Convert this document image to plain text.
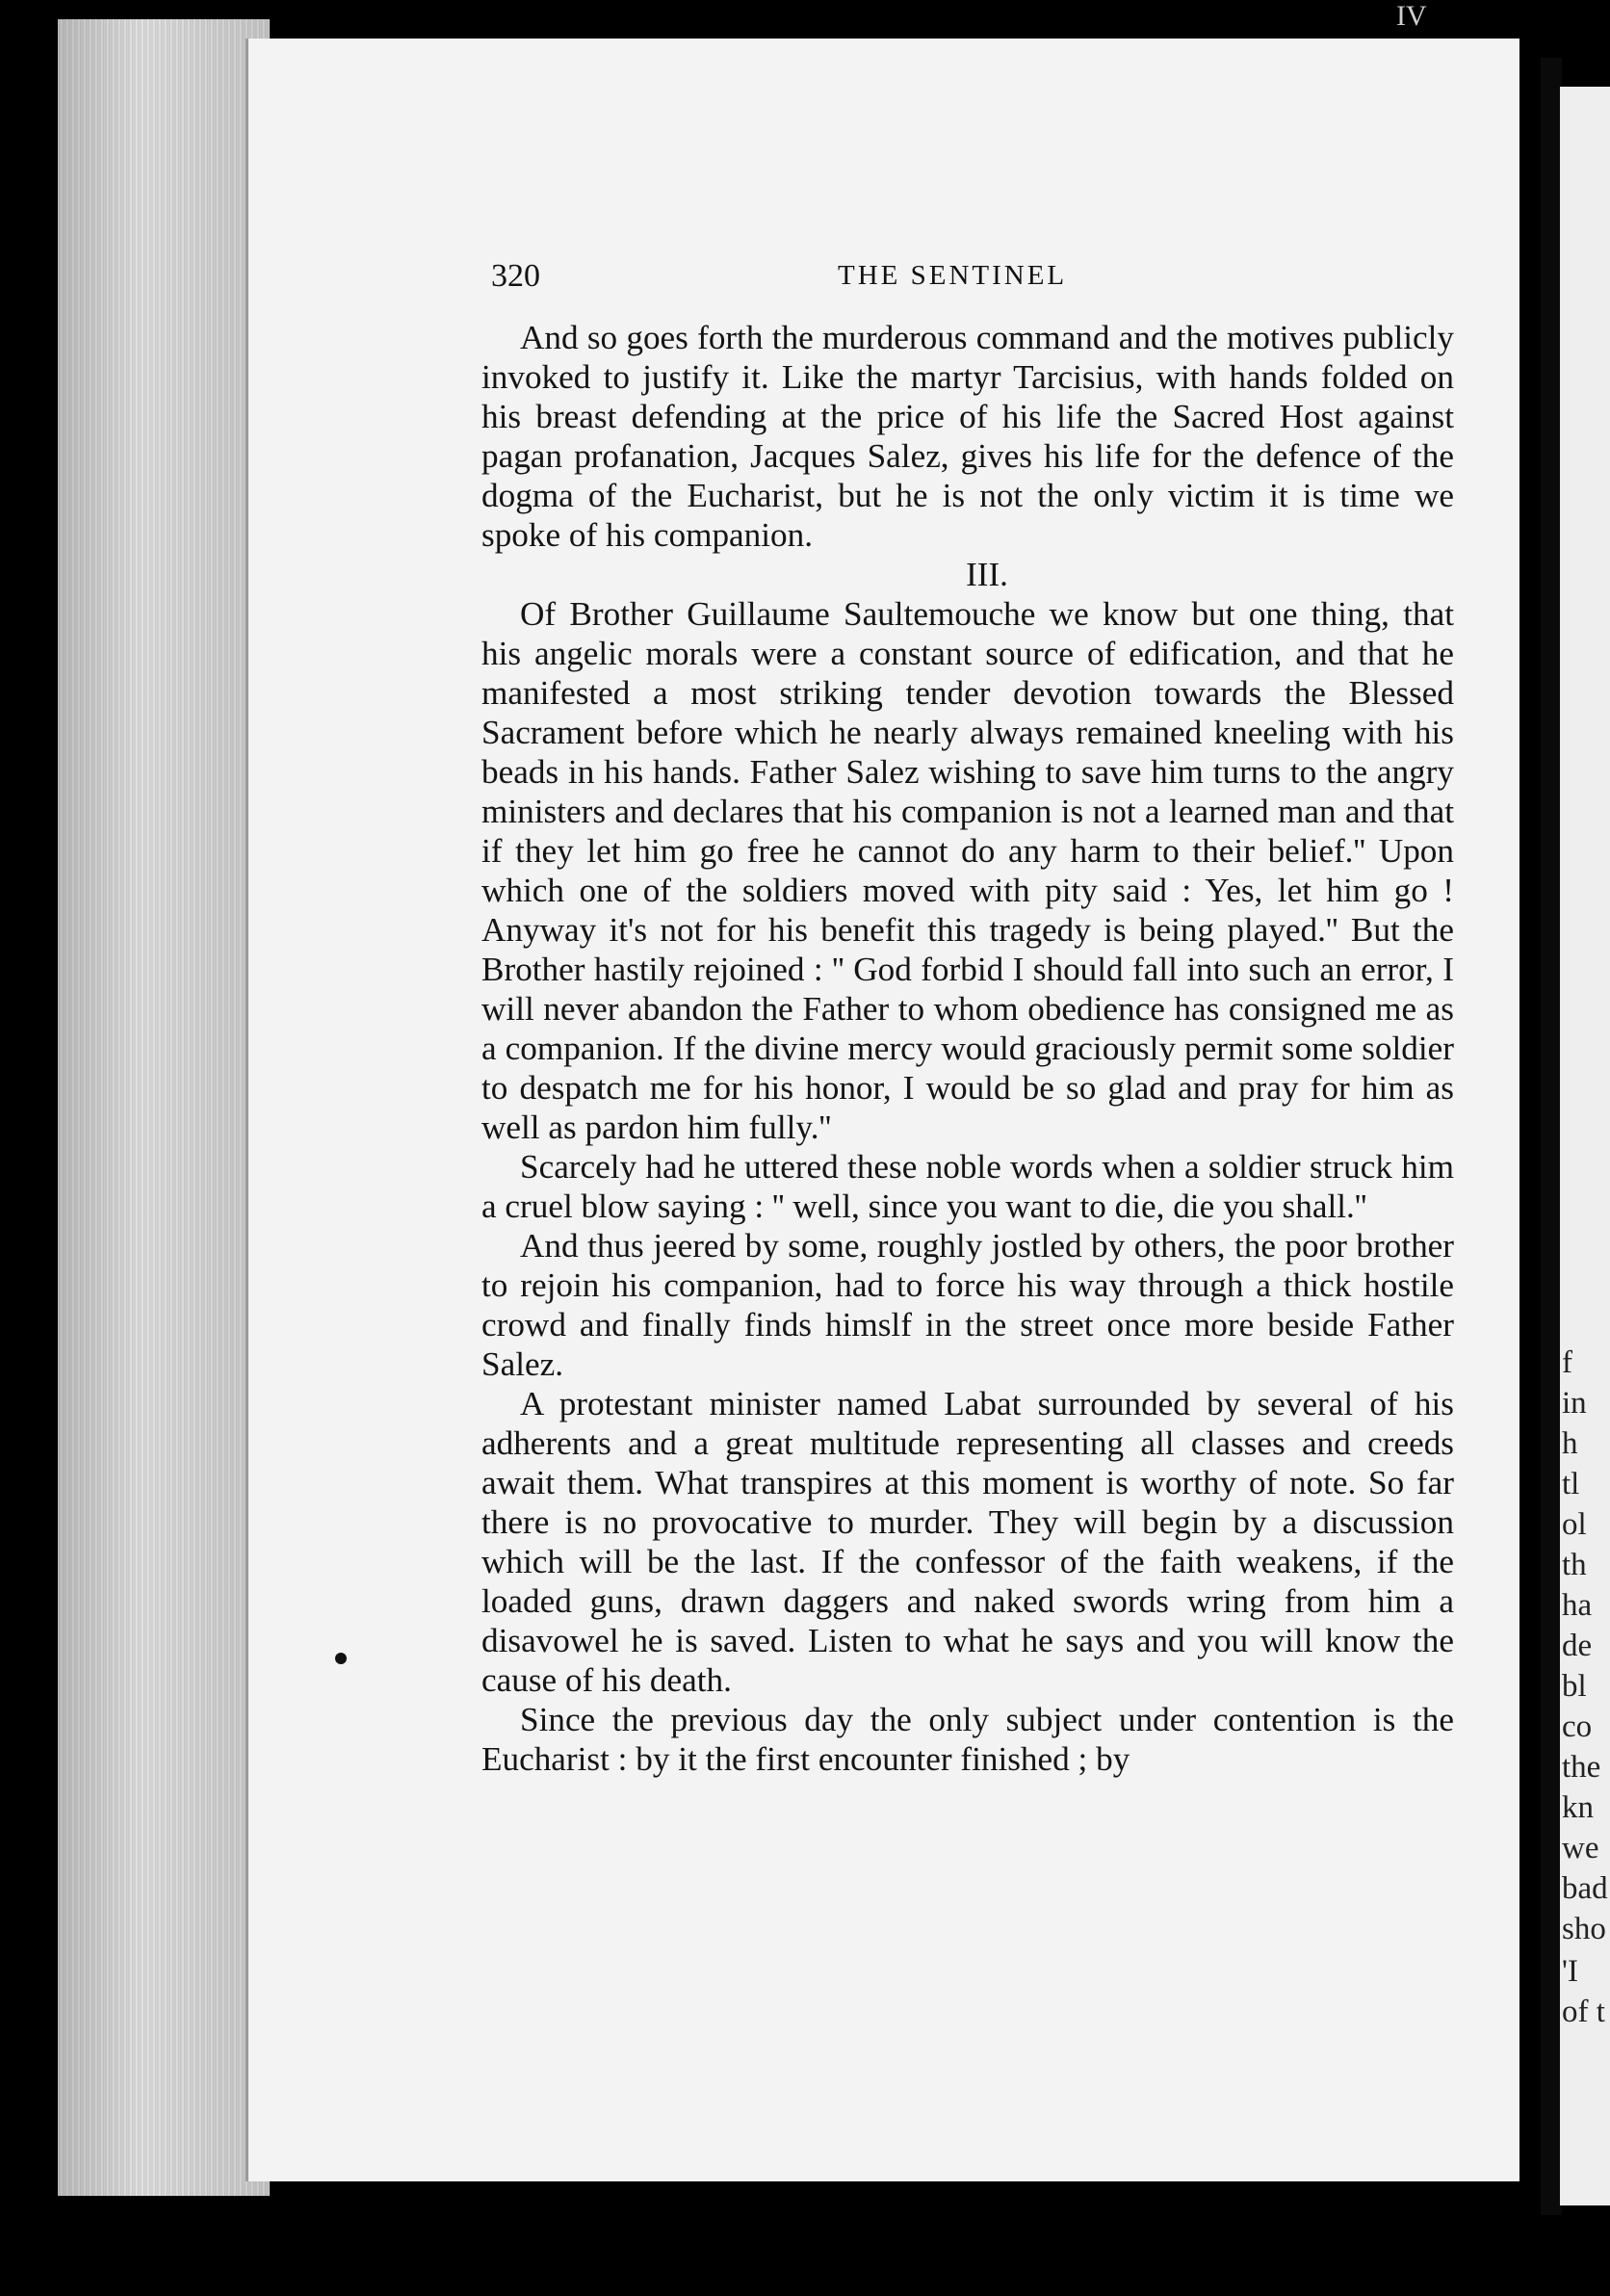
IV
320	THE SENTINEL

And so goes forth the murderous command and the motives publicly invoked to justify it. Like the martyr Tarcisius, with hands folded on his breast defending at the price of his life the Sacred Host against pagan profanation, Jacques Salez, gives his life for the defence of the dogma of the Eucharist, but he is not the only victim it is time we spoke of his companion.

III.

Of Brother Guillaume Saultemouche we know but one thing, that his angelic morals were a constant source of edification, and that he manifested a most striking tender devotion towards the Blessed Sacrament before which he nearly always remained kneeling with his beads in his hands. Father Salez wishing to save him turns to the angry ministers and declares that his companion is not a learned man and that if they let him go free he cannot do any harm to their belief.'' Upon which one of the soldiers moved with pity said : Yes, let him go ! Anyway it's not for his benefit this tragedy is being played.'' But the Brother hastily rejoined : '' God forbid I should fall into such an error, I will never abandon the Father to whom obedience has consigned me as a companion. If the divine mercy would graciously permit some soldier to despatch me for his honor, I would be so glad and pray for him as well as pardon him fully.''

Scarcely had he uttered these noble words when a soldier struck him a cruel blow saying : '' well, since you want to die, die you shall.''

And thus jeered by some, roughly jostled by others, the poor brother to rejoin his companion, had to force his way through a thick hostile crowd and finally finds himslf in the street once more beside Father Salez.

A protestant minister named Labat surrounded by several of his adherents and a great multitude representing all classes and creeds await them. What transpires at this moment is worthy of note. So far there is no provocative to murder. They will begin by a discussion which will be the last. If the confessor of the faith weakens, if the loaded guns, drawn daggers and naked swords wring from him a disavowel he is saved. Listen to what he says and you will know the cause of his death.

Since the previous day the only subject under contention is the Eucharist : by it the first encounter finished ; by

f
in
h
tl
ol
th
ha
de
bl
co
the
kn
we
bad
sho
'I
of t
